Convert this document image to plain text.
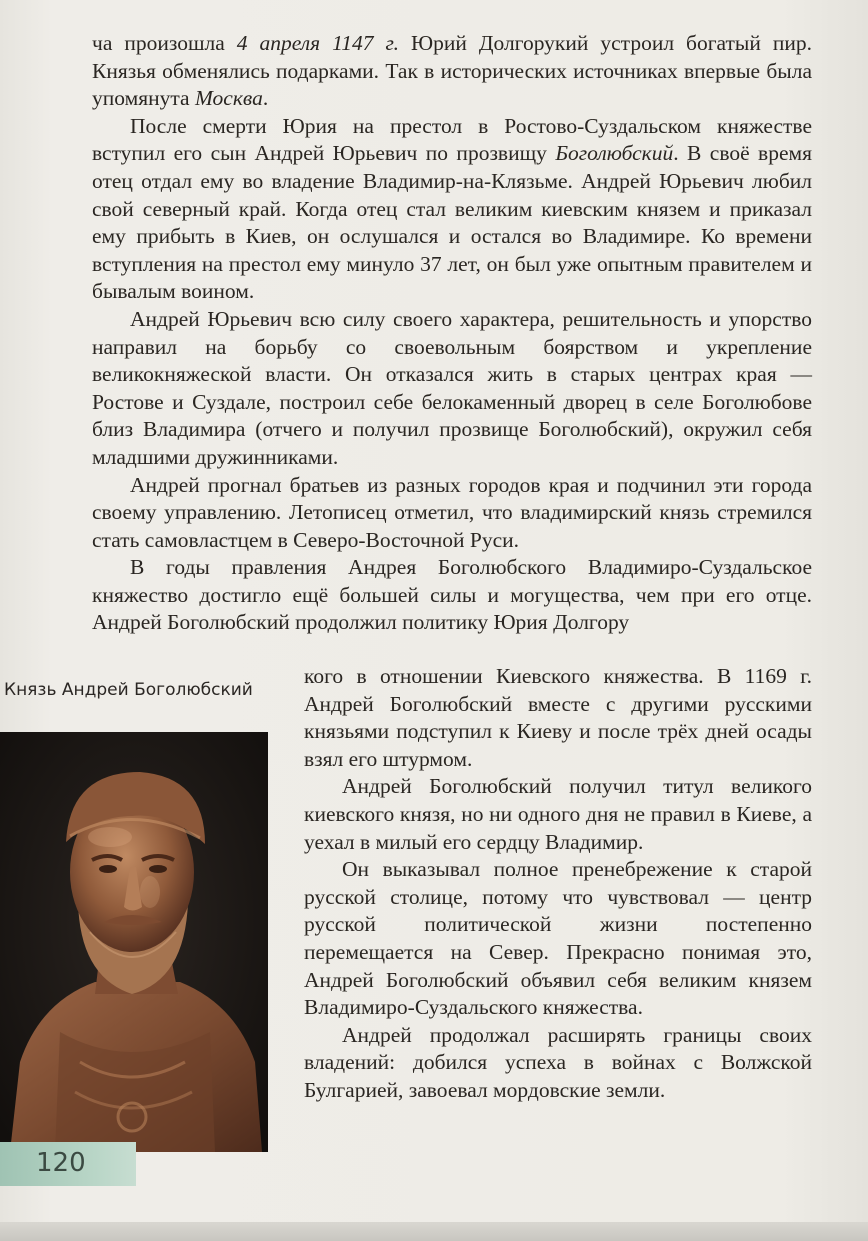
ча произошла 4 апреля 1147 г. Юрий Долгорукий устроил богатый пир. Князья обменялись подарками. Так в исторических источниках впервые была упомянута Москва.

После смерти Юрия на престол в Ростово-Суздальском княжестве вступил его сын Андрей Юрьевич по прозвищу Боголюбский. В своё время отец отдал ему во владение Владимир-на-Клязьме. Андрей Юрьевич любил свой северный край. Когда отец стал великим киевским князем и приказал ему прибыть в Киев, он ослушался и остался во Владимире. Ко времени вступления на престол ему минуло 37 лет, он был уже опытным правителем и бывалым воином.

Андрей Юрьевич всю силу своего характера, решительность и упорство направил на борьбу со своевольным боярством и укрепление великокняжеской власти. Он отказался жить в старых центрах края — Ростове и Суздале, построил себе белокаменный дворец в селе Боголюбове близ Владимира (отчего и получил прозвище Боголюбский), окружил себя младшими дружинниками.

Андрей прогнал братьев из разных городов края и подчинил эти города своему управлению. Летописец отметил, что владимирский князь стремился стать самовластцем в Северо-Восточной Руси.

В годы правления Андрея Боголюбского Владимиро-Суздальское княжество достигло ещё большей силы и могущества, чем при его отце. Андрей Боголюбский продолжил политику Юрия Долгору

Князь Андрей Боголюбский

кого в отношении Киевского княжества. В 1169 г. Андрей Боголюбский вместе с другими русскими князьями подступил к Киеву и после трёх дней осады взял его штурмом.

Андрей Боголюбский получил титул великого киевского князя, но ни одного дня не правил в Киеве, а уехал в милый его сердцу Владимир.

Он выказывал полное пренебрежение к старой русской столице, потому что чувствовал — центр русской политической жизни постепенно перемещается на Север. Прекрасно понимая это, Андрей Боголюбский объявил себя великим князем Владимиро-Суздальского княжества.

Андрей продолжал расширять границы своих владений: добился успеха в войнах с Волжской Булгарией, завоевал мордовские земли.

120
